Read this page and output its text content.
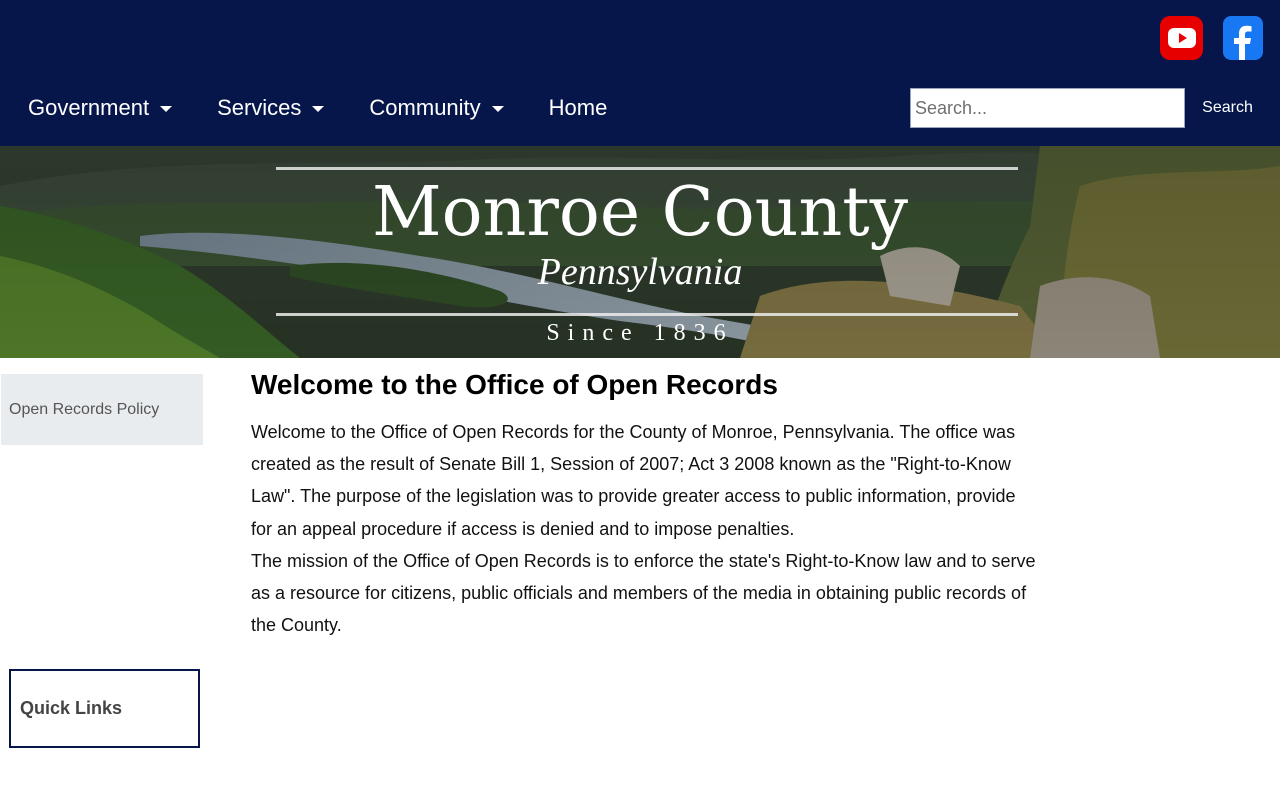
Government	Services	Community	Home
Search...	Search
Monroe County
Pennsylvania
Since 1836
Open Records Policy
Quick Links
Welcome to the Office of Open Records

Welcome to the Office of Open Records for the County of Monroe, Pennsylvania. The office was created as the result of Senate Bill 1, Session of 2007; Act 3 2008 known as the "Right-to-Know Law". The purpose of the legislation was to provide greater access to public information, provide for an appeal procedure if access is denied and to impose penalties.

The mission of the Office of Open Records is to enforce the state's Right-to-Know law and to serve as a resource for citizens, public officials and members of the media in obtaining public records of the County.
